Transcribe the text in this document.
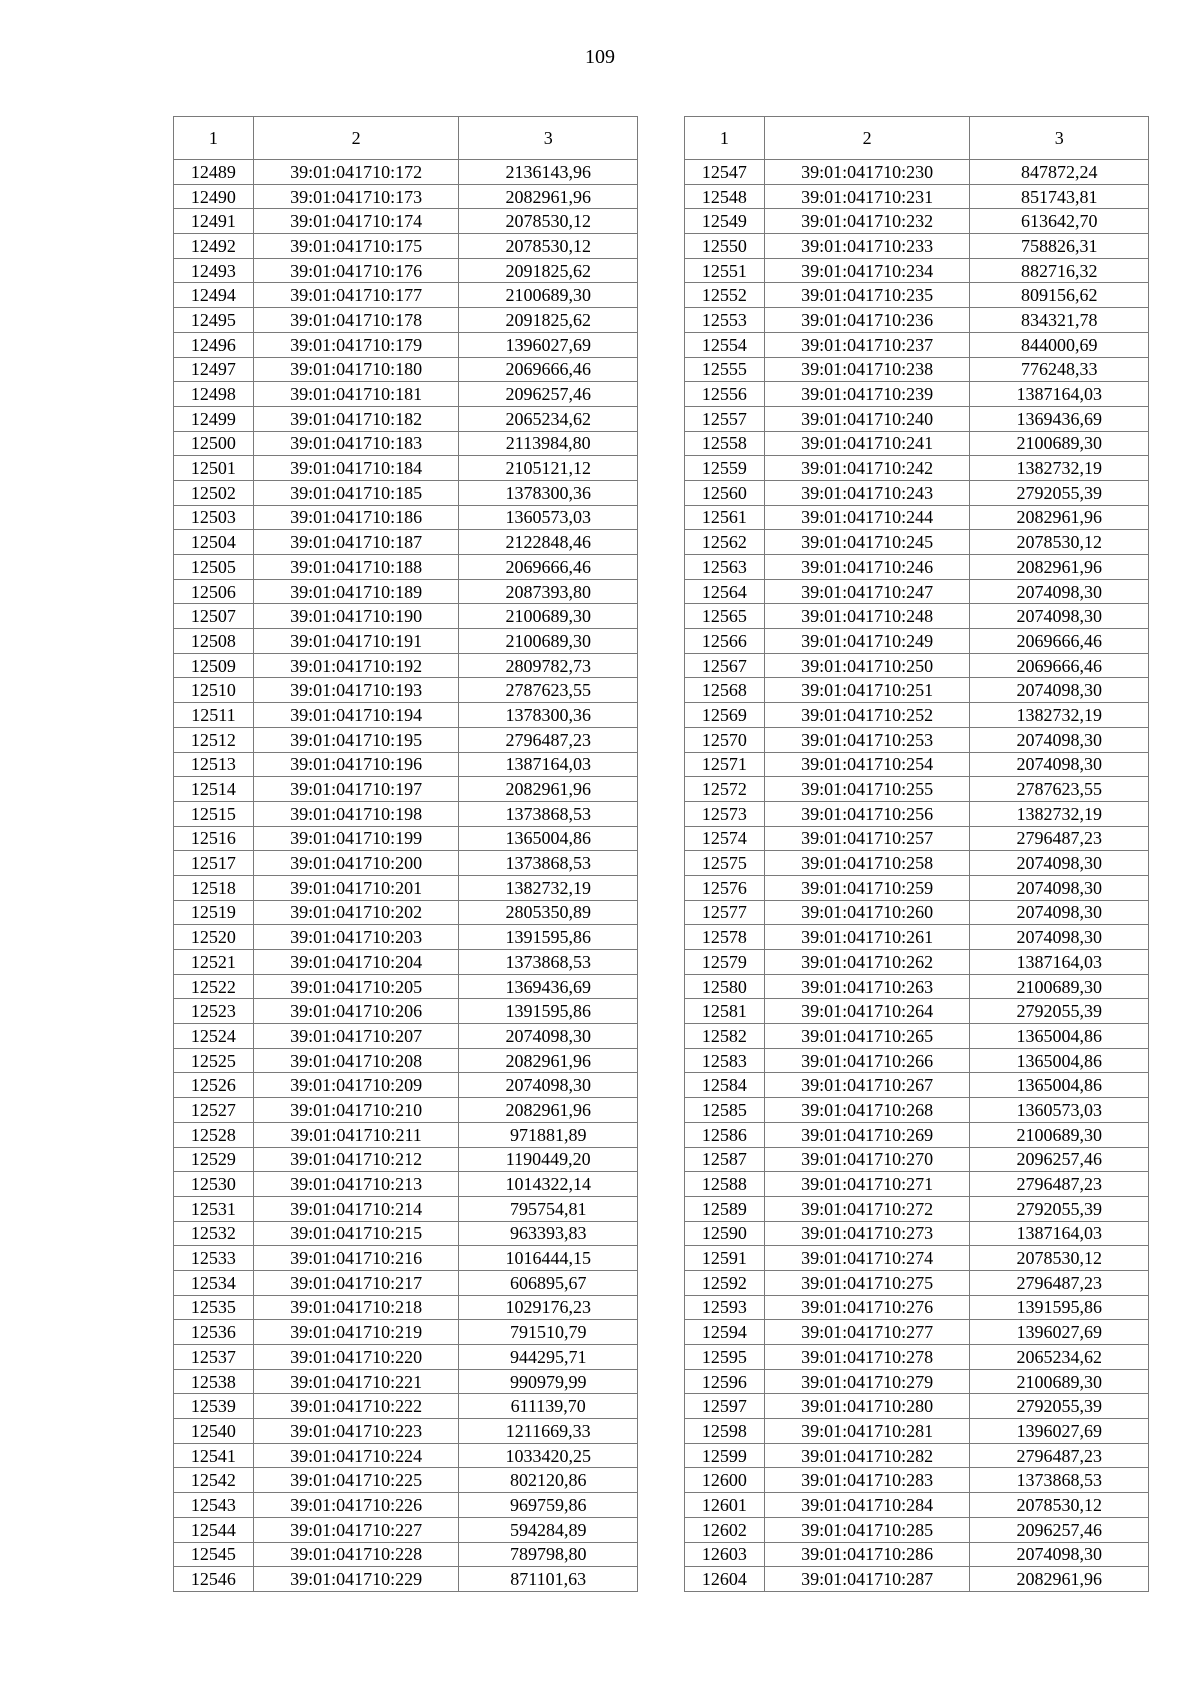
109
1	2	3
12489	39:01:041710:172	2136143,96
12490	39:01:041710:173	2082961,96
12491	39:01:041710:174	2078530,12
12492	39:01:041710:175	2078530,12
12493	39:01:041710:176	2091825,62
12494	39:01:041710:177	2100689,30
12495	39:01:041710:178	2091825,62
12496	39:01:041710:179	1396027,69
12497	39:01:041710:180	2069666,46
12498	39:01:041710:181	2096257,46
12499	39:01:041710:182	2065234,62
12500	39:01:041710:183	2113984,80
12501	39:01:041710:184	2105121,12
12502	39:01:041710:185	1378300,36
12503	39:01:041710:186	1360573,03
12504	39:01:041710:187	2122848,46
12505	39:01:041710:188	2069666,46
12506	39:01:041710:189	2087393,80
12507	39:01:041710:190	2100689,30
12508	39:01:041710:191	2100689,30
12509	39:01:041710:192	2809782,73
12510	39:01:041710:193	2787623,55
12511	39:01:041710:194	1378300,36
12512	39:01:041710:195	2796487,23
12513	39:01:041710:196	1387164,03
12514	39:01:041710:197	2082961,96
12515	39:01:041710:198	1373868,53
12516	39:01:041710:199	1365004,86
12517	39:01:041710:200	1373868,53
12518	39:01:041710:201	1382732,19
12519	39:01:041710:202	2805350,89
12520	39:01:041710:203	1391595,86
12521	39:01:041710:204	1373868,53
12522	39:01:041710:205	1369436,69
12523	39:01:041710:206	1391595,86
12524	39:01:041710:207	2074098,30
12525	39:01:041710:208	2082961,96
12526	39:01:041710:209	2074098,30
12527	39:01:041710:210	2082961,96
12528	39:01:041710:211	971881,89
12529	39:01:041710:212	1190449,20
12530	39:01:041710:213	1014322,14
12531	39:01:041710:214	795754,81
12532	39:01:041710:215	963393,83
12533	39:01:041710:216	1016444,15
12534	39:01:041710:217	606895,67
12535	39:01:041710:218	1029176,23
12536	39:01:041710:219	791510,79
12537	39:01:041710:220	944295,71
12538	39:01:041710:221	990979,99
12539	39:01:041710:222	611139,70
12540	39:01:041710:223	1211669,33
12541	39:01:041710:224	1033420,25
12542	39:01:041710:225	802120,86
12543	39:01:041710:226	969759,86
12544	39:01:041710:227	594284,89
12545	39:01:041710:228	789798,80
12546	39:01:041710:229	871101,63
1	2	3
12547	39:01:041710:230	847872,24
12548	39:01:041710:231	851743,81
12549	39:01:041710:232	613642,70
12550	39:01:041710:233	758826,31
12551	39:01:041710:234	882716,32
12552	39:01:041710:235	809156,62
12553	39:01:041710:236	834321,78
12554	39:01:041710:237	844000,69
12555	39:01:041710:238	776248,33
12556	39:01:041710:239	1387164,03
12557	39:01:041710:240	1369436,69
12558	39:01:041710:241	2100689,30
12559	39:01:041710:242	1382732,19
12560	39:01:041710:243	2792055,39
12561	39:01:041710:244	2082961,96
12562	39:01:041710:245	2078530,12
12563	39:01:041710:246	2082961,96
12564	39:01:041710:247	2074098,30
12565	39:01:041710:248	2074098,30
12566	39:01:041710:249	2069666,46
12567	39:01:041710:250	2069666,46
12568	39:01:041710:251	2074098,30
12569	39:01:041710:252	1382732,19
12570	39:01:041710:253	2074098,30
12571	39:01:041710:254	2074098,30
12572	39:01:041710:255	2787623,55
12573	39:01:041710:256	1382732,19
12574	39:01:041710:257	2796487,23
12575	39:01:041710:258	2074098,30
12576	39:01:041710:259	2074098,30
12577	39:01:041710:260	2074098,30
12578	39:01:041710:261	2074098,30
12579	39:01:041710:262	1387164,03
12580	39:01:041710:263	2100689,30
12581	39:01:041710:264	2792055,39
12582	39:01:041710:265	1365004,86
12583	39:01:041710:266	1365004,86
12584	39:01:041710:267	1365004,86
12585	39:01:041710:268	1360573,03
12586	39:01:041710:269	2100689,30
12587	39:01:041710:270	2096257,46
12588	39:01:041710:271	2796487,23
12589	39:01:041710:272	2792055,39
12590	39:01:041710:273	1387164,03
12591	39:01:041710:274	2078530,12
12592	39:01:041710:275	2796487,23
12593	39:01:041710:276	1391595,86
12594	39:01:041710:277	1396027,69
12595	39:01:041710:278	2065234,62
12596	39:01:041710:279	2100689,30
12597	39:01:041710:280	2792055,39
12598	39:01:041710:281	1396027,69
12599	39:01:041710:282	2796487,23
12600	39:01:041710:283	1373868,53
12601	39:01:041710:284	2078530,12
12602	39:01:041710:285	2096257,46
12603	39:01:041710:286	2074098,30
12604	39:01:041710:287	2082961,96
